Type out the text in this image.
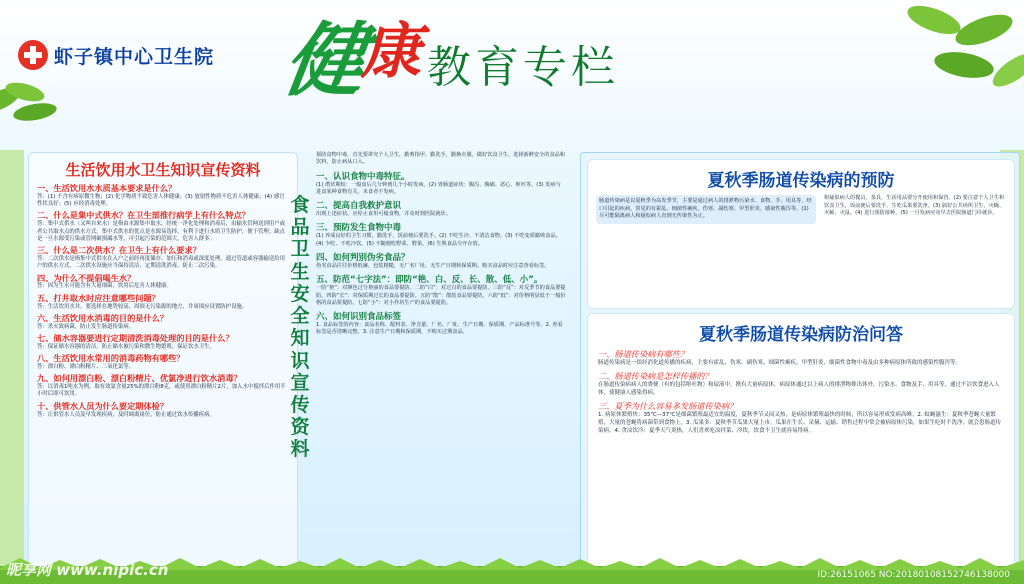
虾子镇中心卫生院 健
康 教育专栏
生活饮用水卫生知识宣传资料
一、生活饮用水水质基本要求是什么？
答：(1) 不含有病原微生物；(2) 化学物质不致危害人体健康；(3) 放射性物质不危害人体健康；(4) 感官性状良好；(5) 应经消毒处理。
二、什么是集中式供水？在卫生部推行病学上有什么特点？
答：集中式供水（又叫自来水）是指由水源集中取水，经统一净化处理和消毒后，由输水管网送到用户或者公共取水点的供水方式。集中式供水的优点是水源易选择，有利于进行水质卫生防护，便于管理；缺点是一旦水源受污染或管网破损漏水等，可引起污染的范围大，危害人群多。
三、什么是二次供水？在卫生上有什么要求？
答：二次供水是指集中式供水在入户之前经再度储存、加压和消毒或深度处理，通过管道或容器输送给用户的供水方式。二次供水设施应当保持清洁，定期清洗消毒，防止二次污染。
四、为什么不提倡喝生水？
答：因为生水可能含有大量细菌，饮用后危害人体健康。
五、打井取水时应注意哪些问题？
答：生活饮用水井，要选择在地势较高、周围无污染源的地方，井周围应设置防护设施。
六、生活饮用水消毒的目的是什么？
答：杀灭致病菌，防止发生肠道传染病。
七、储水容器要进行定期清洗消毒处理的目的是什么？
答：保证储水容器的清洁，防止储水被污染和微生物繁殖，保证饮水卫生。
八、生活饮用水常用的消毒药物有哪些？
答：漂白粉、漂白粉精片、二氧化氯等。
九、如何用漂白粉、漂白粉精片、优氯净进行饮水消毒？
答：以消毒1吨水为例，取有效氯含量25%的漂白粉8克，或使用漂白粉精片2片，加入水中搅拌后作用半小时后即可饮用。
十、供管水人员为什么要定期体检？
答：让供管水人员及早发现疾病，及时调离岗位，防止通过饮水传播疾病。
食
品
卫
生
安
全
知
识
宣
传
资
料
预防食物中毒，首先要讲究个人卫生，勤剪指甲，勤洗手，勤换衣服，做好饮食卫生，选择新鲜安全的食品和饮料，防止病从口入。
一、认识食物中毒特征。
(1) 潜伏期短：一般食后几分钟到几个小时发病。(2) 胃肠道症状：腹泻、腹痛、恶心、呕吐等。(3) 发病与进食某种食物有关，未食者不发病。
二、提高自我救护意识
出现上述症状，应停止食用可疑食物，并及时到医院就诊。
三、预防发生食物中毒
(1) 养成良好的卫生习惯，勤洗手，饭前便后要洗手。(2) 不吃生冷、不清洁食物。(3) 不吃变质腐败食品。(4) 少吃、不吃冷饮。(5) 不随便吃野菜、野果。(6) 生熟食品分开存放。
四、如何判别伪劣食品？
伪劣食品往往价格低廉，包装粗糙，无厂名厂址，无生产日期和保质期。购买食品时应注意查看标签。
五、防范“七字法”：即防“艳、白、反、长、散、低、小”。
一防“艳”：对颜色过分艳丽的食品要提防。二防“白”：对过白的食品要提防。三防“反”：对反季节的食品要提防。四防“长”：对保质期过长的食品要提防。五防“散”：散装食品要提防。六防“低”：对价格明显低于一般价格的食品要提防。七防“小”：对小作坊生产的食品要提防。
六、如何识别食品标签
1. 食品标签的内容：食品名称、配料表、净含量、厂名、厂址、生产日期、保质期、产品标准号等。2. 查看标签是否清晰完整。3. 注意生产日期和保质期，不购买过期食品。
夏秋季肠道传染病的预防
肠道传染病是以夏秋季为高发季节，主要是通过病人的排泄物污染水、食物、手、用具等，经口引起的疾病。常见的有霍乱、细菌性痢疾、伤寒、副伤寒、甲型肝炎、感染性腹泻等。(1) 尽可能隔离病人和疑似病人直到无传染性为止。
和疑似病人的餐具、茶具、生活用品要分开使用和保管。(2) 要注意个人卫生和饮食卫生，饭前便后要洗手，生吃瓜果要洗净。(3) 搞好公共场所卫生，灭蝇、灭蟑、灭鼠。(4) 进行预防接种。(5) 一旦发病应及早去医院肠道门诊就诊。
夏秋季肠道传染病防治问答
一、肠道传染病有哪些？
肠道传染病是一组经消化道传播的疾病，主要有霍乱、伤寒、副伤寒、细菌性痢疾、甲型肝炎、细菌性食物中毒及由多种病原体所致的感染性腹泻等。
二、肠道传染病是怎样传播的？
在肠道传染病病人的粪便（有的包括呕吐物）和尿液中，携有大量病原体。病原体通过以上病人的排泄物排出体外，污染水、食物及手、用具等，通过不洁饮食进入人体，使健康人感染得病。
三、夏季为什么容易多发肠道传染病？
1. 病原体繁殖快：35℃—37℃是细菌繁殖最适宜的温度，夏秋季节又闷又热，是病原体繁殖最快的时候，所以容易形成发病高峰。2. 蚊蝇滋生：夏秋季苍蝇大量繁殖，大量的苍蝇将病菌带到食物上。3. 瓜果多：夏秋季节瓜果大量上市，瓜果在生长、采摘、运输、销售过程中常会被病原体污染，如果生吃时不洗净，就会患肠道传染病。4. 贪凉饮冷：夏季天气炎热，人们喜欢吃凉拌菜、冷饮，饮食不卫生就容易得病。
昵享网 www.nipic.cn	ID:26151065 NO:20180108152746138000
